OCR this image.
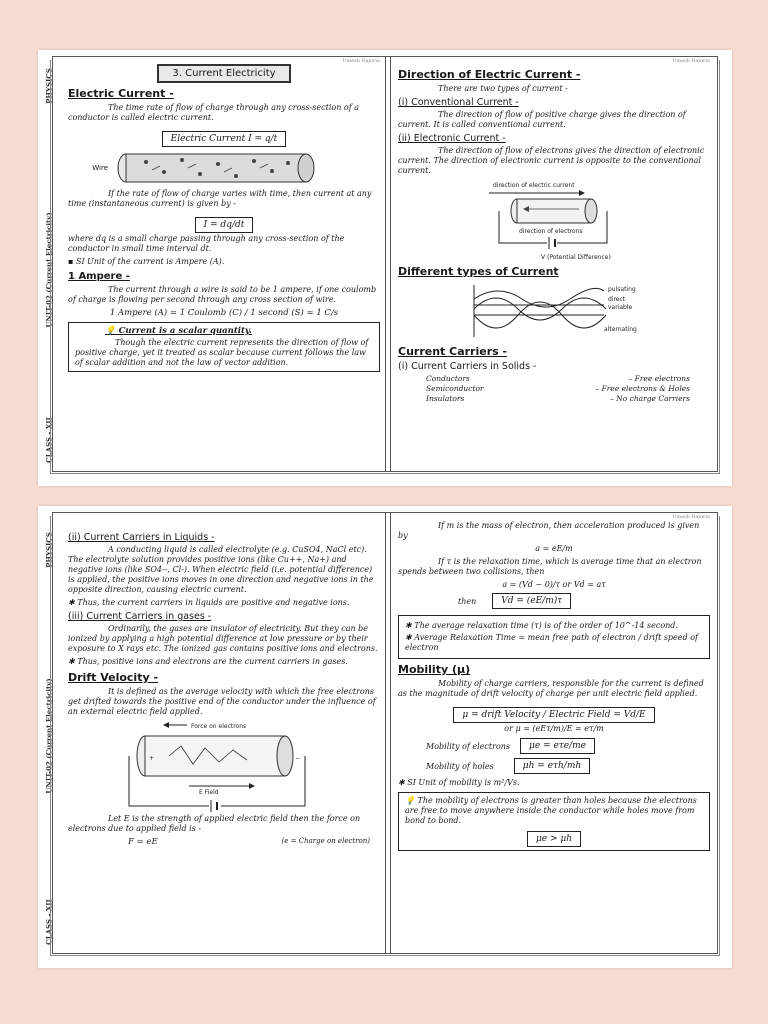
PHYSICS
UNIT-02 (Current Electricity)
CLASS - XII
Umesh Rajoria
3. Current Electricity
Electric Current -

The time rate of flow of charge through any cross-section of a conductor is called electric current.

Electric Current I = q/t
Wire

If the rate of flow of charge varies with time, then current at any time (instantaneous current) is given by -

I = dq/dt

where dq is a small charge passing through any cross-section of the conductor in small time interval dt.

▪ SI Unit of the current is Ampere (A).
1 Ampere -

The current through a wire is said to be 1 ampere, if one coulomb of charge is flowing per second through any cross section of wire.

1 Ampere (A) = 1 Coulomb (C) / 1 second (S) = 1 C/s

💡 Current is a scalar quantity.

Though the electric current represents the direction of flow of positive charge, yet it treated as scalar because current follows the law of scalar addition and not the law of vector addition.

Umesh Rajoria
Direction of Electric Current -

There are two types of current -

(i) Conventional Current -

The direction of flow of positive charge gives the direction of current. It is called conventional current.

(ii) Electronic Current -

The direction of flow of electrons gives the direction of electronic current. The direction of electronic current is opposite to the conventional current.

direction of electric current
direction of electrons
V (Potential Difference)
Different types of Current
pulsating
direct
variable
alternating
Current Carriers -
(i) Current Carriers in Solids -
Conductors	– Free electrons
Semiconductor	– Free electrons & Holes
Insulators	– No charge Carriers
PHYSICS
UNIT-02 (Current Electricity)
CLASS - XII
(ii) Current Carriers in Liquids -

A conducting liquid is called electrolyte (e.g. CuSO4, NaCl etc). The electrolyte solution provides positive ions (like Cu++, Na+) and negative ions (like SO4--, Cl-). When electric field (i.e. potential difference) is applied, the positive ions moves in one direction and negative ions in the opposite direction, causing electric current.

✱ Thus, the current carriers in liquids are positive and negative ions.
(iii) Current Carriers in gases -

Ordinarily, the gases are insulator of electricity. But they can be ionized by applying a high potential difference at low pressure or by their exposure to X rays etc. The ionized gas contains positive ions and electrons.

✱ Thus, positive ions and electrons are the current carriers in gases.
Drift Velocity -

It is defined as the average velocity with which the free electrons get drifted towards the positive end of the conductor under the influence of an external electric field applied.

Force on electrons
+	−
E Field

Let E is the strength of applied electric field then the force on electrons due to applied field is -

F = eE	(e = Charge on electron)
Umesh Rajoria

If m is the mass of electron, then acceleration produced is given by

a = eE/m

If τ is the relaxation time, which is average time that an electron spends between two collisions, then

a = (Vd − 0)/τ or Vd = aτ

then	Vd = (eE/m)τ
✱ The average relaxation time (τ) is of the order of 10^-14 second.
✱ Average Relaxation Time = mean free path of electron / drift speed of electron
Mobility (μ)

Mobility of charge carriers, responsible for the current is defined as the magnitude of drift velocity of charge per unit electric field applied.

μ = drift Velocity / Electric Field = Vd/E

or μ = (eEτ/m)/E = eτ/m

Mobility of electrons	μe = eτe/me
Mobility of holes	μh = eτh/mh
✱ SI Unit of mobility is m²/Vs.

💡 The mobility of electrons is greater than holes because the electrons are free to move anywhere inside the conductor while holes move from bond to bond.

μe > μh
